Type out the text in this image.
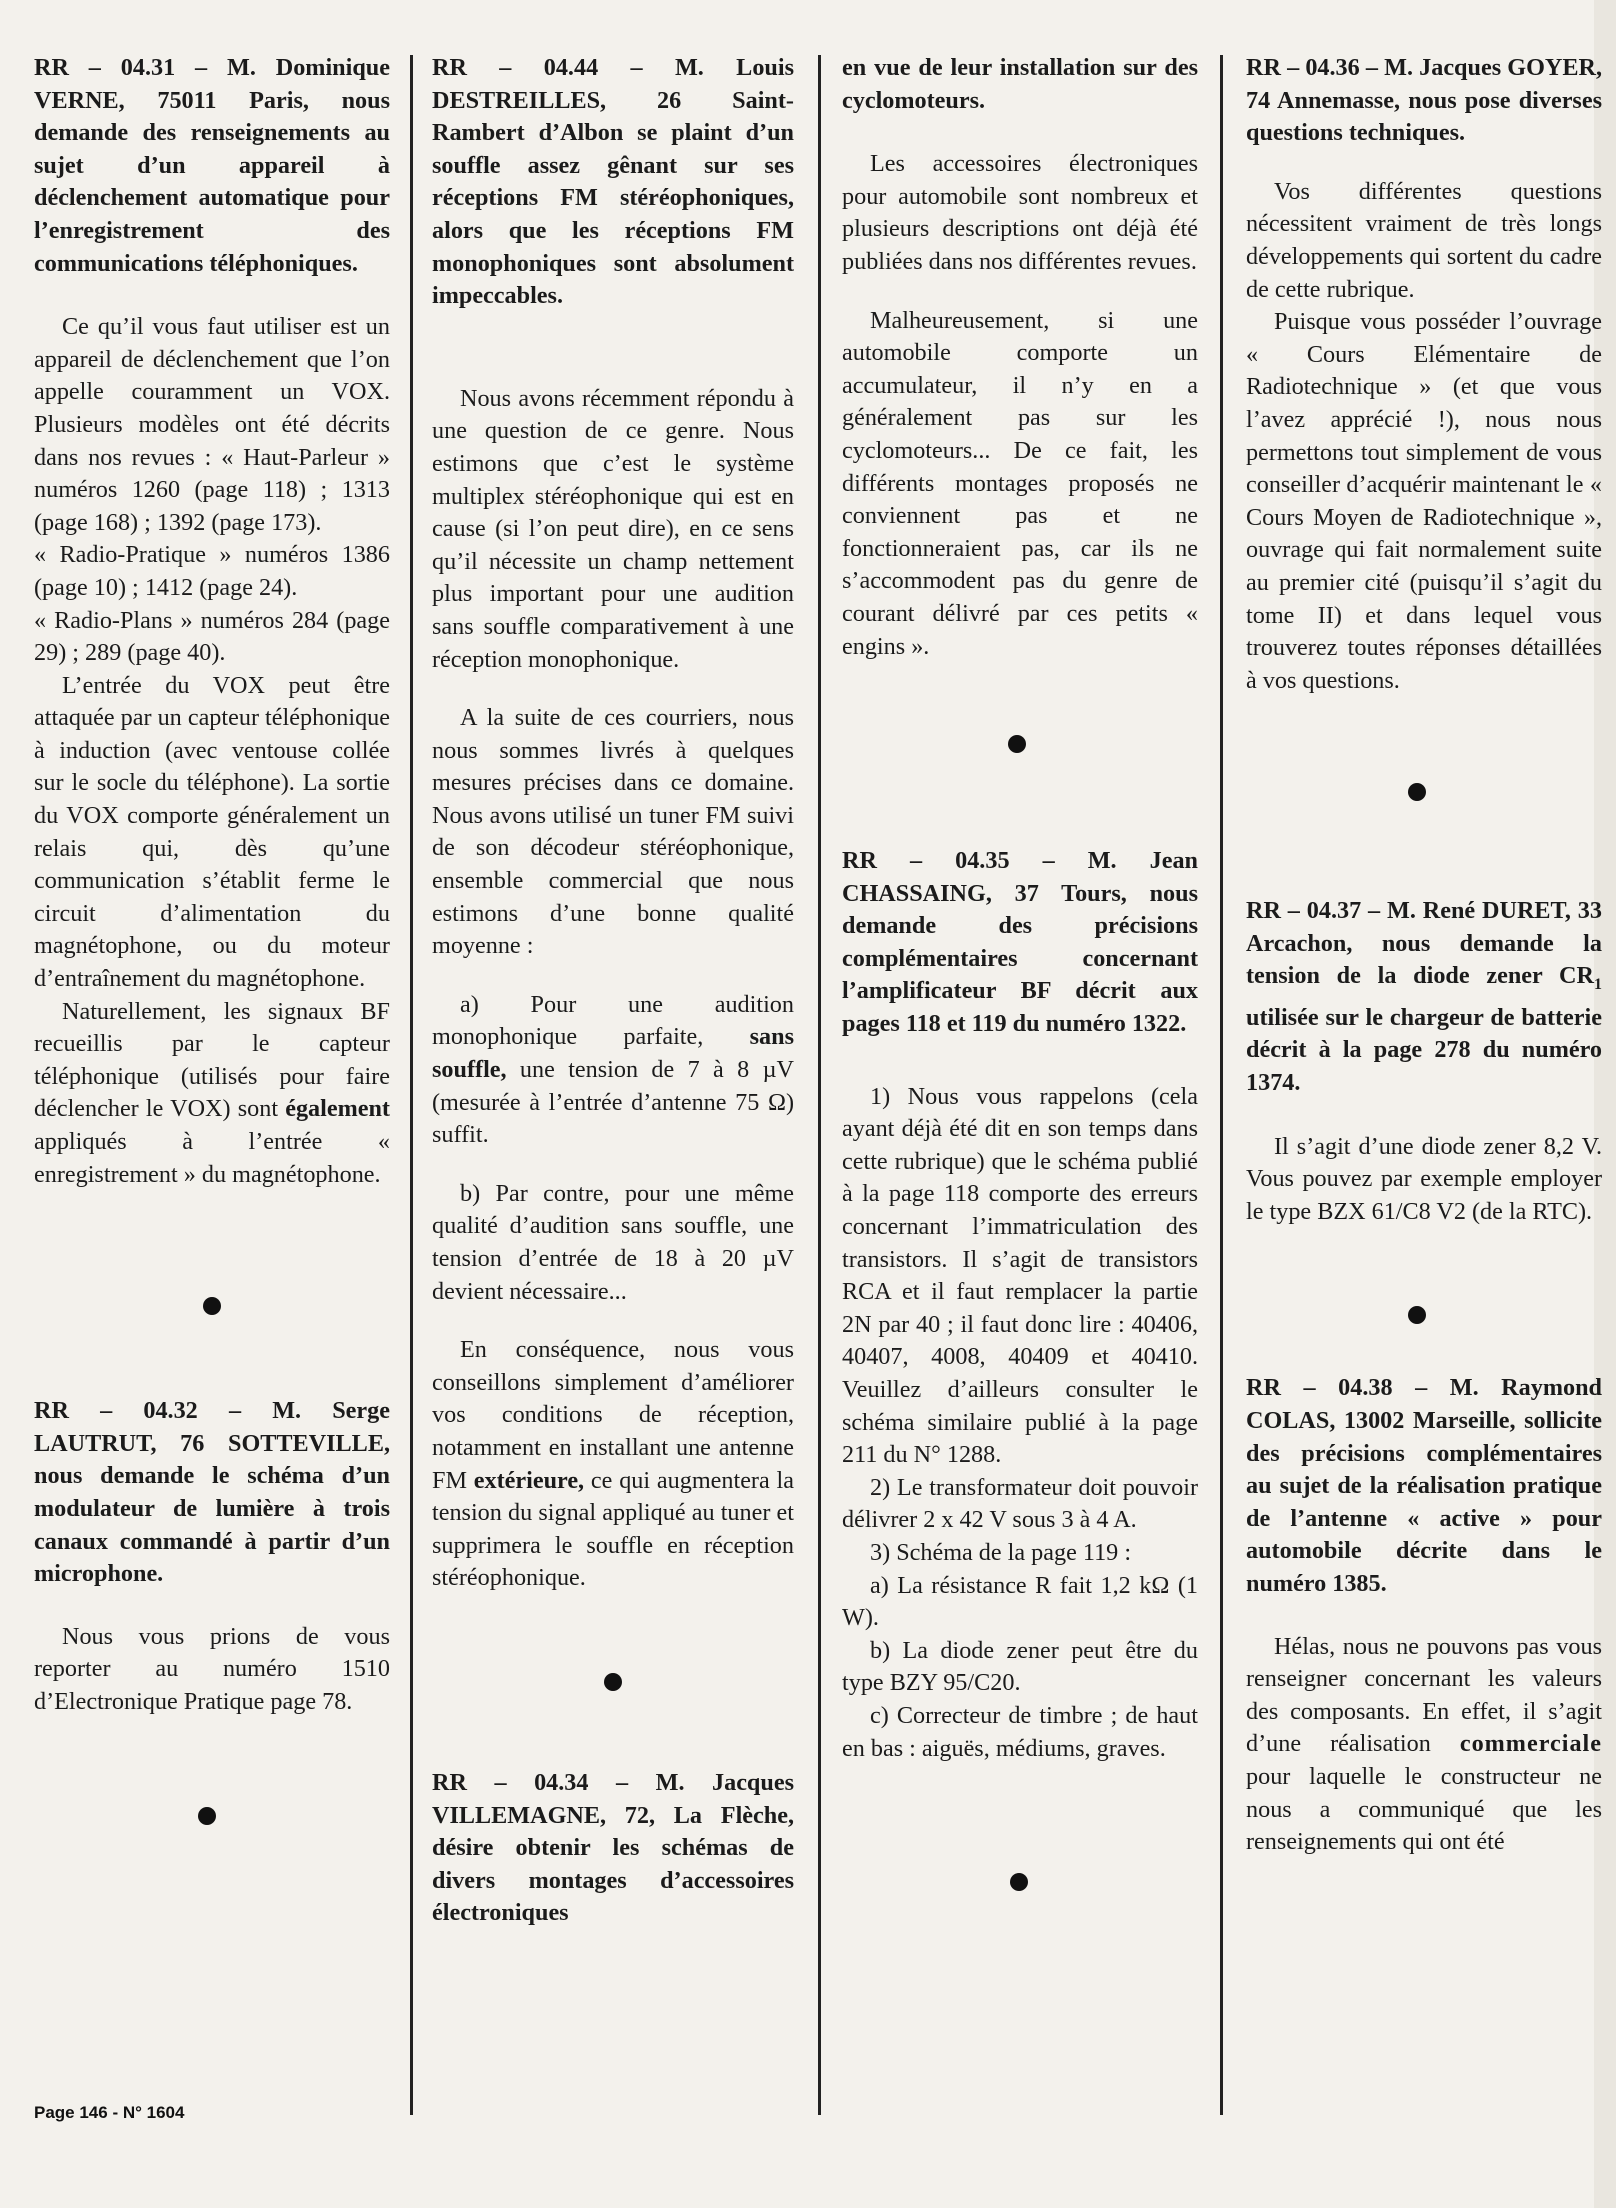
RR – 04.31 – M. Dominique VERNE, 75011 Paris, nous demande des renseignements au sujet d’un appareil à déclenchement automatique pour l’enregistrement des communications téléphoniques.

Ce qu’il vous faut utiliser est un appareil de déclenchement que l’on appelle couramment un VOX. Plusieurs modèles ont été décrits dans nos revues : « Haut-Parleur » numéros 1260 (page 118) ; 1313 (page 168) ; 1392 (page 173).

« Radio-Pratique » numéros 1386 (page 10) ; 1412 (page 24).

« Radio-Plans » numéros 284 (page 29) ; 289 (page 40).

L’entrée du VOX peut être attaquée par un capteur téléphonique à induction (avec ventouse collée sur le socle du téléphone). La sortie du VOX comporte généralement un relais qui, dès qu’une communication s’établit ferme le circuit d’alimentation du magnétophone, ou du moteur d’entraînement du magnétophone.

Naturellement, les signaux BF recueillis par le capteur téléphonique (utilisés pour faire déclencher le VOX) sont également appliqués à l’entrée « enregistrement » du magnétophone.

RR – 04.32 – M. Serge LAUTRUT, 76 SOTTEVILLE, nous demande le schéma d’un modulateur de lumière à trois canaux commandé à partir d’un microphone.

Nous vous prions de vous reporter au numéro 1510 d’Electronique Pratique page 78.

RR – 04.44 – M. Louis DESTREILLES, 26 Saint-Rambert d’Albon se plaint d’un souffle assez gênant sur ses réceptions FM stéréophoniques, alors que les réceptions FM monophoniques sont absolument impeccables.

Nous avons récemment répondu à une question de ce genre. Nous estimons que c’est le système multiplex stéréophonique qui est en cause (si l’on peut dire), en ce sens qu’il nécessite un champ nettement plus important pour une audition sans souffle comparativement à une réception monophonique.

A la suite de ces courriers, nous nous sommes livrés à quelques mesures précises dans ce domaine. Nous avons utilisé un tuner FM suivi de son décodeur stéréophonique, ensemble commercial que nous estimons d’une bonne qualité moyenne :

a) Pour une audition monophonique parfaite, sans souffle, une tension de 7 à 8 µV (mesurée à l’entrée d’antenne 75 Ω) suffit.

b) Par contre, pour une même qualité d’audition sans souffle, une tension d’entrée de 18 à 20 µV devient nécessaire...

En conséquence, nous vous conseillons simplement d’améliorer vos conditions de réception, notamment en installant une antenne FM extérieure, ce qui augmentera la tension du signal appliqué au tuner et supprimera le souffle en réception stéréophonique.

RR – 04.34 – M. Jacques VILLEMAGNE, 72, La Flèche, désire obtenir les schémas de divers montages d’accessoires électroniques
en vue de leur installation sur des cyclomoteurs.

Les accessoires électroniques pour automobile sont nombreux et plusieurs descriptions ont déjà été publiées dans nos différentes revues.

Malheureusement, si une automobile comporte un accumulateur, il n’y en a généralement pas sur les cyclomoteurs... De ce fait, les différents montages proposés ne conviennent pas et ne fonctionneraient pas, car ils ne s’accommodent pas du genre de courant délivré par ces petits « engins ».

RR – 04.35 – M. Jean CHASSAING, 37 Tours, nous demande des précisions complémentaires concernant l’amplificateur BF décrit aux pages 118 et 119 du numéro 1322.

1) Nous vous rappelons (cela ayant déjà été dit en son temps dans cette rubrique) que le schéma publié à la page 118 comporte des erreurs concernant l’immatriculation des transistors. Il s’agit de transistors RCA et il faut remplacer la partie 2N par 40 ; il faut donc lire : 40406, 40407, 4008, 40409 et 40410. Veuillez d’ailleurs consulter le schéma similaire publié à la page 211 du N° 1288.

2) Le transformateur doit pouvoir délivrer 2 x 42 V sous 3 à 4 A.

3) Schéma de la page 119 :

a) La résistance R fait 1,2 kΩ (1 W).

b) La diode zener peut être du type BZY 95/C20.

c) Correcteur de timbre ; de haut en bas : aiguës, médiums, graves.

RR – 04.36 – M. Jacques GOYER, 74 Annemasse, nous pose diverses questions techniques.

Vos différentes questions nécessitent vraiment de très longs développements qui sortent du cadre de cette rubrique.

Puisque vous posséder l’ouvrage « Cours Elémentaire de Radiotechnique » (et que vous l’avez apprécié !), nous nous permettons tout simplement de vous conseiller d’acquérir maintenant le « Cours Moyen de Radiotechnique », ouvrage qui fait normalement suite au premier cité (puisqu’il s’agit du tome II) et dans lequel vous trouverez toutes réponses détaillées à vos questions.

RR – 04.37 – M. René DURET, 33 Arcachon, nous demande la tension de la diode zener $CR_1$ utilisée sur le chargeur de batterie décrit à la page 278 du numéro 1374.

Il s’agit d’une diode zener 8,2 V. Vous pouvez par exemple employer le type BZX 61/C8 V2 (de la RTC).

RR – 04.38 – M. Raymond COLAS, 13002 Marseille, sollicite des précisions complémentaires au sujet de la réalisation pratique de l’antenne « active » pour automobile décrite dans le numéro 1385.

Hélas, nous ne pouvons pas vous renseigner concernant les valeurs des composants. En effet, il s’agit d’une réalisation commerciale pour laquelle le constructeur ne nous a communiqué que les renseignements qui ont été

Page 146 - N° 1604
